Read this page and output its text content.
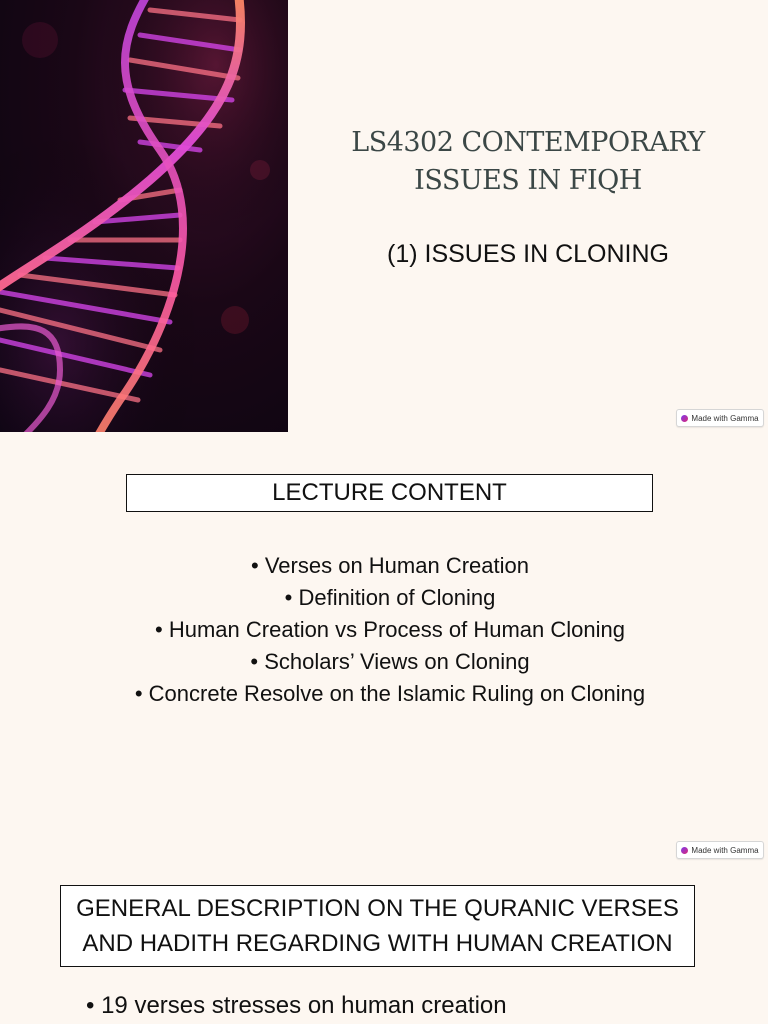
LS4302 CONTEMPORARY
ISSUES IN FIQH
(1) ISSUES IN CLONING
Made with Gamma
LECTURE CONTENT
• Verses on Human Creation
• Definition of Cloning
• Human Creation vs Process of Human Cloning
• Scholars’ Views on Cloning
• Concrete Resolve on the Islamic Ruling on Cloning
Made with Gamma
GENERAL DESCRIPTION ON THE QURANIC VERSES
AND HADITH REGARDING WITH HUMAN CREATION
• 19 verses stresses on human creation
